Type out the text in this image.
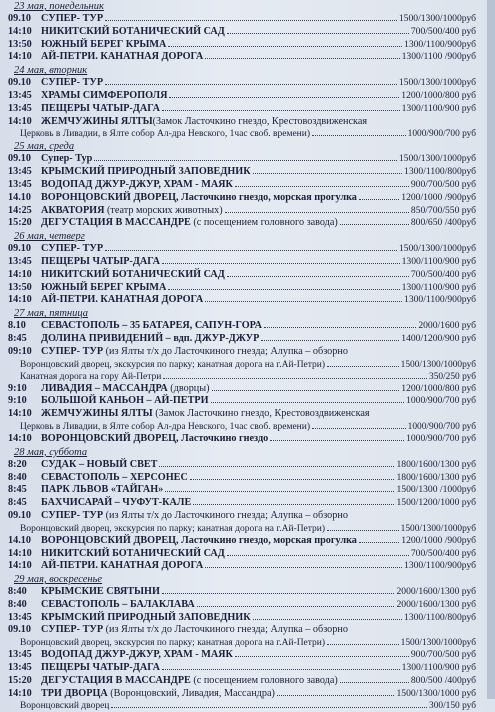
23 мая, понедельник
09.10 СУПЕР- ТУР	1500/1300/1000руб
14:10 НИКИТСКИЙ БОТАНИЧЕСКИЙ САД	700/500/400 руб
13:50 ЮЖНЫЙ БЕРЕГ КРЫМА	1300/1100/900руб
14:10 АЙ-ПЕТРИ. КАНАТНАЯ ДОРОГА	1300/1100 /900руб
24 мая, вторник
09.10 СУПЕР- ТУР	1500/1300/1000руб
13:45 ХРАМЫ СИМФЕРОПОЛЯ	1200/1000/800 руб
13:45 ПЕЩЕРЫ ЧАТЫР-ДАГА	1300/1100/900 руб
14:10 ЖЕМЧУЖИНЫ ЯЛТЫ(Замок Ласточкино гнездо, Крестовоздвиженская
Церковь в Ливадии, в Ялте собор Ал-дра Невского, 1час своб. времени)	1000/900/700 руб
25 мая, среда
09.10 Супер- Тур	1500/1300/1000руб
13:45 КРЫМСКИЙ ПРИРОДНЫЙ ЗАПОВЕДНИК	1300/1100/800руб
13:45 ВОДОПАД ДЖУР-ДЖУР, ХРАМ - МАЯК	900/700/500 руб
14.10 ВОРОНЦОВСКИЙ ДВОРЕЦ, Ласточкино гнездо, морская прогулка	1200/1000 /900руб
14:25 АКВАТОРИЯ (театр морских животных)	850/700/550 руб
15:20 ДЕГУСТАЦИЯ В МАССАНДРЕ (с посещением головного завода)	800/650 /400руб
26 мая, четверг
09.10 СУПЕР- ТУР	1500/1300/1000руб
13:45 ПЕЩЕРЫ ЧАТЫР-ДАГА	1300/1100/900 руб
14:10 НИКИТСКИЙ БОТАНИЧЕСКИЙ САД	700/500/400 руб
13:50 ЮЖНЫЙ БЕРЕГ КРЫМА	1300/1100/900 руб
14:10 АЙ-ПЕТРИ. КАНАТНАЯ ДОРОГА	1300/1100/900руб
27 мая, пятница
8.10	СЕВАСТОПОЛЬ – 35 БАТАРЕЯ, САПУН-ГОРА	2000/1600 руб
8:45	ДОЛИНА ПРИВИДЕНИЙ – вдп. ДЖУР-ДЖУР	1400/1200/900 руб
09:10 СУПЕР- ТУР (из Ялты т/х до Ласточкиного гнезда; Алупка – обзорно
Воронцовский дворец, экскурсия по парку; канатная дорога на г.Ай-Петри)	1500/1300/1000руб
Канатная дорога на гору Ай-Петри	350/250 руб
9:10	ЛИВАДИЯ – МАССАНДРА (дворцы)	1200/1000/800 руб
9:10	БОЛЬШОЙ КАНЬОН – АЙ-ПЕТРИ	1000/900/700 руб
14:10 ЖЕМЧУЖИНЫ ЯЛТЫ (Замок Ласточкино гнездо, Крестовоздвиженская
Церковь в Ливадии, в Ялте собор Ал-дра Невского, 1час своб. времени)	1000/900/700 руб
14:10 ВОРОНЦОВСКИЙ ДВОРЕЦ, Ласточкино гнездо	1000/900/700 руб
28 мая, суббота
8:20	СУДАК – НОВЫЙ СВЕТ	1800/1600/1300 руб
8:40	СЕВАСТОПОЛЬ – ХЕРСОНЕС	1800/1600/1300 руб
8:45	ПАРК ЛЬВОВ «ТАЙГАН»	1500/1300 /1000руб
8:45	БАХЧИСАРАЙ – ЧУФУТ-КАЛЕ	1500/1200/1000 руб
09.10 СУПЕР- ТУР (из Ялты т/х до Ласточкиного гнезда; Алупка – обзорно
Воронцовский дворец, экскурсия по парку; канатная дорога на г.Ай-Петри)	1500/1300/1000руб
14.10 ВОРОНЦОВСКИЙ ДВОРЕЦ, Ласточкино гнездо, морская прогулка	1200/1000 /900руб
14:10 НИКИТСКИЙ БОТАНИЧЕСКИЙ САД	700/500/400 руб
14:10 АЙ-ПЕТРИ. КАНАТНАЯ ДОРОГА	1300/1100/900руб
29 мая, воскресенье
8:40	КРЫМСКИЕ СВЯТЫНИ	2000/1600/1300 руб
8:40	СЕВАСТОПОЛЬ – БАЛАКЛАВА	2000/1600/1300 руб
13:45 КРЫМСКИЙ ПРИРОДНЫЙ ЗАПОВЕДНИК	1300/1100/800руб
09.10 СУПЕР- ТУР (из Ялты т/х до Ласточкиного гнезда; Алупка – обзорно
Воронцовский дворец, экскурсия по парку; канатная дорога на г.Ай-Петри)	1500/1300/1000руб
13:45 ВОДОПАД ДЖУР-ДЖУР, ХРАМ - МАЯК	900/700/500 руб
13:45 ПЕЩЕРЫ ЧАТЫР-ДАГА	1300/1100/900 руб
15:20 ДЕГУСТАЦИЯ В МАССАНДРЕ (с посещением головного завода)	800/500 /400руб
14:10 ТРИ ДВОРЦА (Воронцовский, Ливадия, Массандра)	1500/1300/1000 руб
Воронцовский дворец	300/150 руб
